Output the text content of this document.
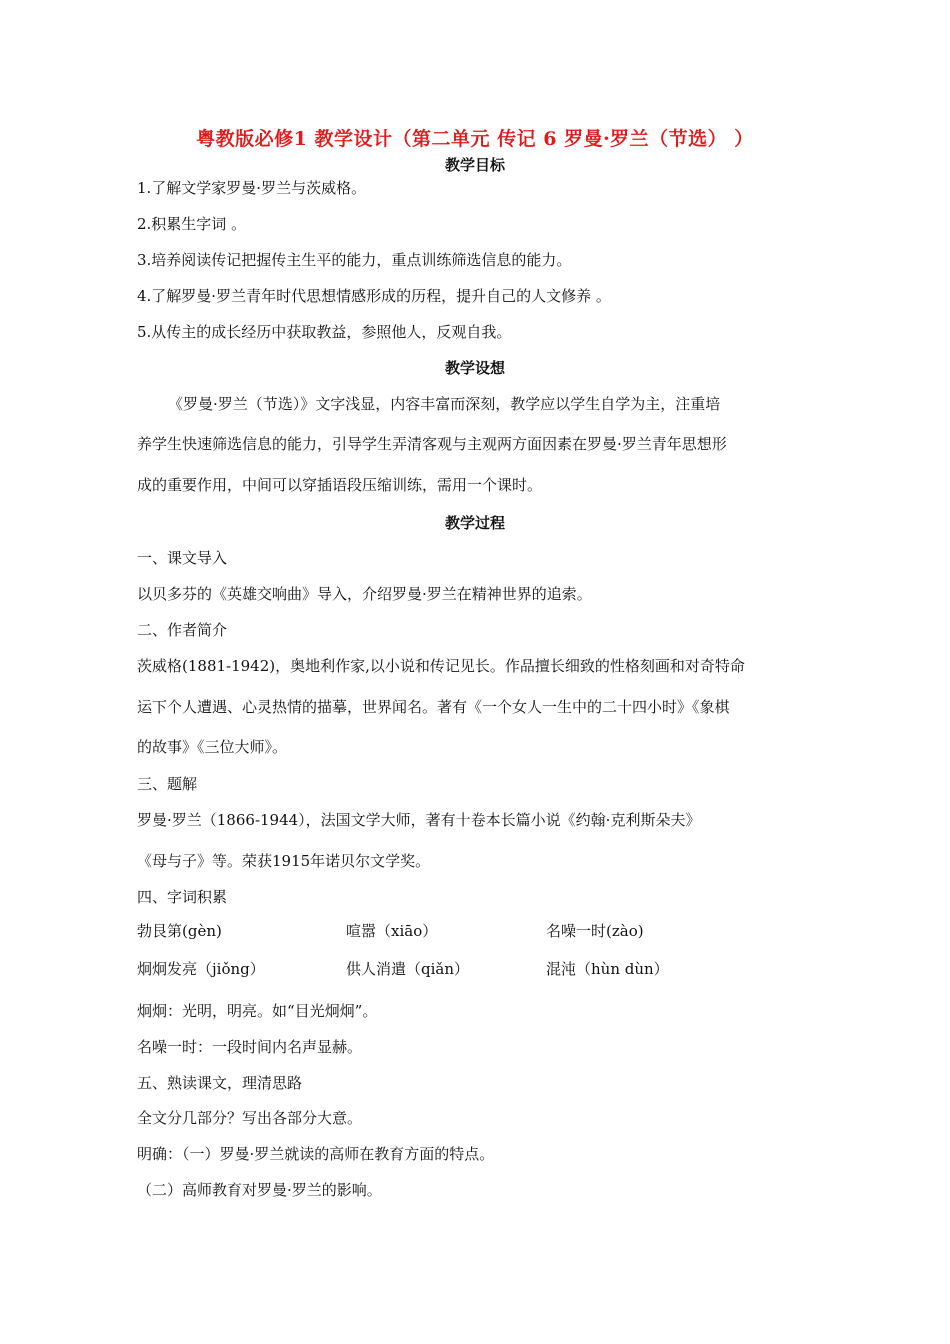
粤教版必修1 教学设计（第二单元 传记 6 罗曼·罗兰（节选） ）
教学目标
1.了解文学家罗曼·罗兰与茨威格。
2.积累生字词 。
3.培养阅读传记把握传主生平的能力，重点训练筛选信息的能力。
4.了解罗曼·罗兰青年时代思想情感形成的历程，提升自己的人文修养 。
5.从传主的成长经历中获取教益，参照他人，反观自我。
教学设想
《罗曼·罗兰（节选）》文字浅显，内容丰富而深刻，教学应以学生自学为主，注重培
养学生快速筛选信息的能力，引导学生弄清客观与主观两方面因素在罗曼·罗兰青年思想形
成的重要作用，中间可以穿插语段压缩训练，需用一个课时。
教学过程
一、课文导入
以贝多芬的《英雄交响曲》导入，介绍罗曼·罗兰在精神世界的追索。
二、作者简介
茨威格(1881-1942)，奥地利作家,以小说和传记见长。作品擅长细致的性格刻画和对奇特命
运下个人遭遇、心灵热情的描摹，世界闻名。著有《一个女人一生中的二十四小时》《象棋
的故事》《三位大师》。
三、题解
罗曼·罗兰（1866-1944），法国文学大师，著有十卷本长篇小说《约翰·克利斯朵夫》
《母与子》等。荣获1915年诺贝尔文学奖。
四、字词积累
勃艮第(gèn)	喧嚣（xiāo）	名噪一时(zào)
炯炯发亮（jiǒng）	供人消遣（qiǎn）	混沌（hùn dùn）
炯炯：光明，明亮。如“目光炯炯”。
名噪一时：一段时间内名声显赫。
五、熟读课文，理清思路
全文分几部分？写出各部分大意。
明确：（一）罗曼·罗兰就读的高师在教育方面的特点。
（二）高师教育对罗曼·罗兰的影响。
